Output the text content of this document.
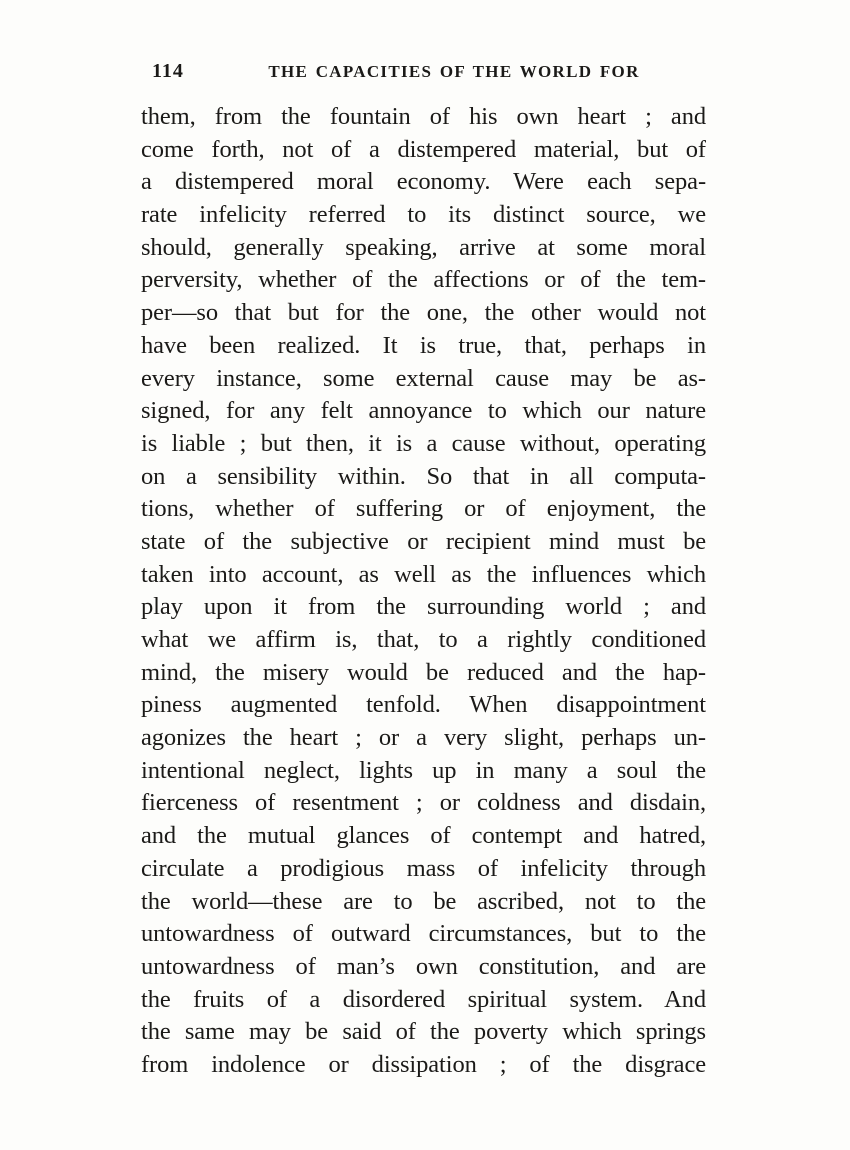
114	THE CAPACITIES OF THE WORLD FOR
them, from the fountain of his own heart ; and
come forth, not of a distempered material, but of
a distempered moral economy. Were each sepa-
rate infelicity referred to its distinct source, we
should, generally speaking, arrive at some moral
perversity, whether of the affections or of the tem-
per—so that but for the one, the other would not
have been realized. It is true, that, perhaps in
every instance, some external cause may be as-
signed, for any felt annoyance to which our nature
is liable ; but then, it is a cause without, operating
on a sensibility within. So that in all computa-
tions, whether of suffering or of enjoyment, the
state of the subjective or recipient mind must be
taken into account, as well as the influences which
play upon it from the surrounding world ; and
what we affirm is, that, to a rightly conditioned
mind, the misery would be reduced and the hap-
piness augmented tenfold. When disappointment
agonizes the heart ; or a very slight, perhaps un-
intentional neglect, lights up in many a soul the
fierceness of resentment ; or coldness and disdain,
and the mutual glances of contempt and hatred,
circulate a prodigious mass of infelicity through
the world—these are to be ascribed, not to the
untowardness of outward circumstances, but to the
untowardness of man’s own constitution, and are
the fruits of a disordered spiritual system. And
the same may be said of the poverty which springs
from indolence or dissipation ; of the disgrace
